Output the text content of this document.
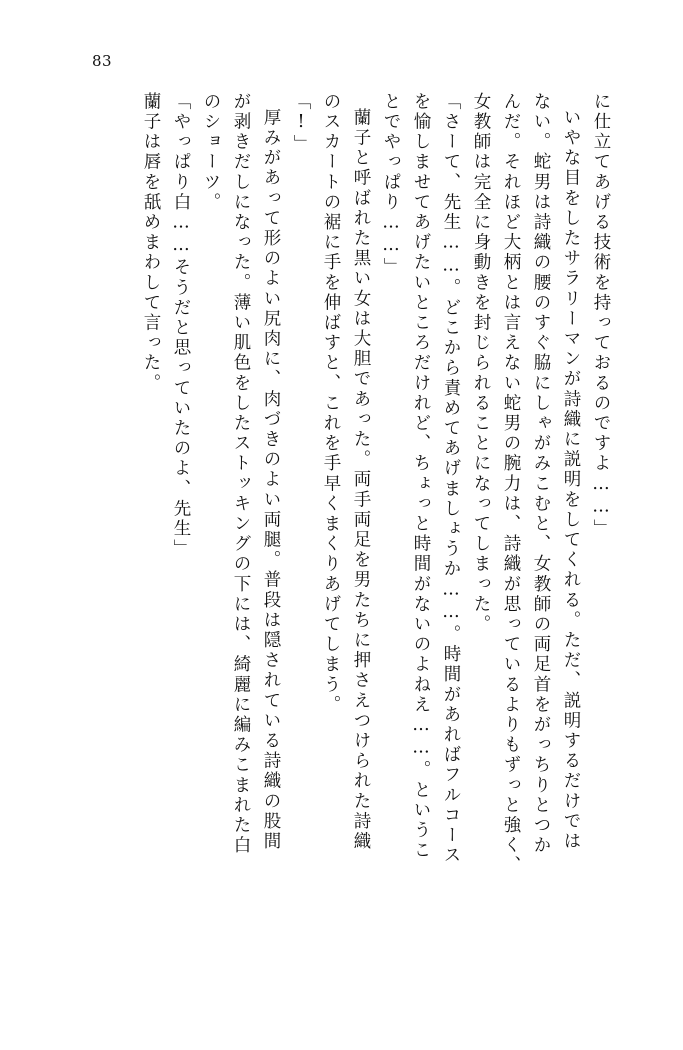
83
に仕立てあげる技術を持っておるのですよ……」
いやな目をしたサラリーマンが詩織に説明をしてくれる。ただ、説明するだけでは
ない。蛇男は詩織の腰のすぐ脇にしゃがみこむと、女教師の両足首をがっちりとつか
んだ。それほど大柄とは言えない蛇男の腕力は、詩織が思っているよりもずっと強く、
女教師は完全に身動きを封じられることになってしまった。
「さーて、先生……。どこから責めてあげましょうか……。時間があればフルコース
を愉しませてあげたいところだけれど、ちょっと時間がないのよねえ……。というこ
とでやっぱり……」
蘭子と呼ばれた黒い女は大胆であった。両手両足を男たちに押さえつけられた詩織
のスカートの裾に手を伸ばすと、これを手早くまくりあげてしまう。
「!」
厚みがあって形のよい尻肉に、肉づきのよい両腿。普段は隠されている詩織の股間
が剥きだしになった。薄い肌色をしたストッキングの下には、綺麗に編みこまれた白
のショーツ。
「やっぱり白……そうだと思っていたのよ、先生」
蘭子は唇を舐めまわして言った。
